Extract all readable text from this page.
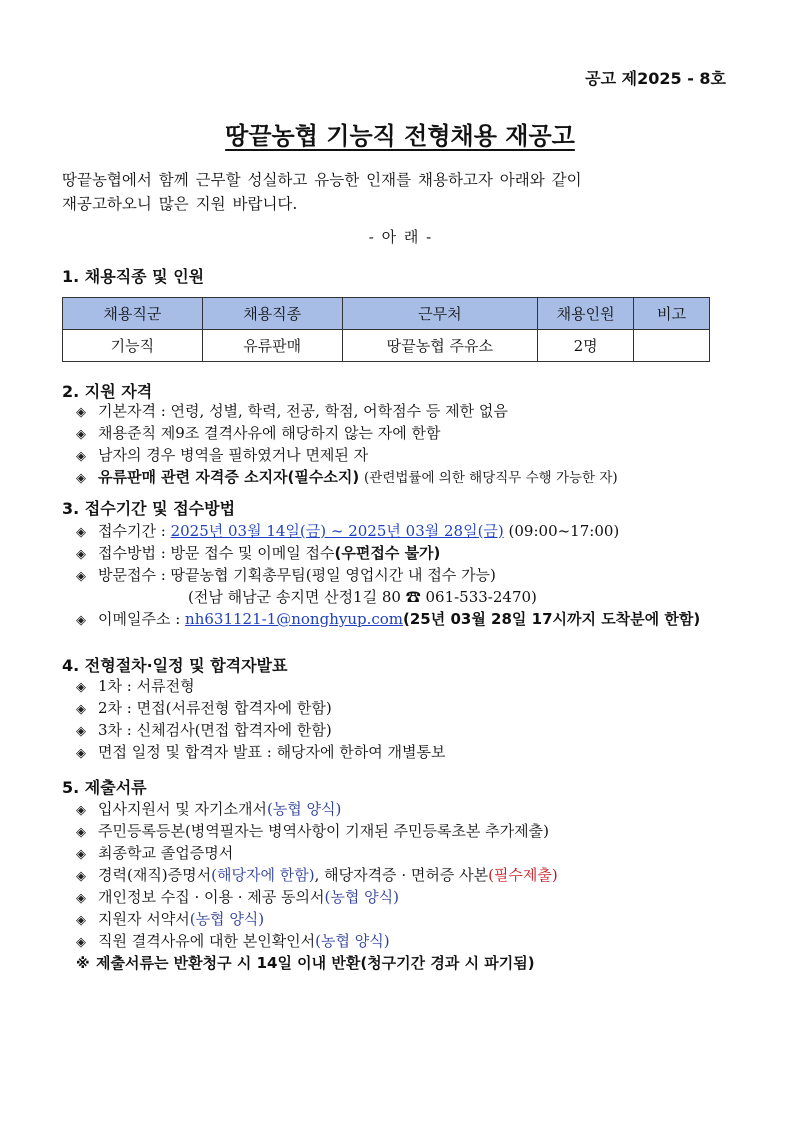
공고 제2025 - 8호
땅끝농협 기능직 전형채용 재공고
땅끝농협에서 함께 근무할 성실하고 유능한 인재를 채용하고자 아래와 같이
재공고하오니 많은 지원 바랍니다.
- 아 래 -
1. 채용직종 및 인원
채용직군	채용직종	근무처	채용인원	비고
기능직	유류판매	땅끝농협 주유소	2명	
2. 지원 자격
◈ 기본자격 : 연령, 성별, 학력, 전공, 학점, 어학점수 등 제한 없음
◈ 채용준칙 제9조 결격사유에 해당하지 않는 자에 한함
◈ 남자의 경우 병역을 필하였거나 면제된 자
◈ 유류판매 관련 자격증 소지자(필수소지) (관련법률에 의한 해당직무 수행 가능한 자)
3. 접수기간 및 접수방법
◈ 접수기간 : 2025년 03월 14일(금) ~ 2025년 03월 28일(금) (09:00~17:00)
◈ 접수방법 : 방문 접수 및 이메일 접수(우편접수 불가)
◈ 방문접수 : 땅끝농협 기획총무팀(평일 영업시간 내 접수 가능)
(전남 해남군 송지면 산정1길 80 ☎ 061-533-2470)
◈ 이메일주소 : nh631121-1@nonghyup.com(25년 03월 28일 17시까지 도착분에 한함)
4. 전형절차·일정 및 합격자발표
◈ 1차 : 서류전형
◈ 2차 : 면접(서류전형 합격자에 한함)
◈ 3차 : 신체검사(면접 합격자에 한함)
◈ 면접 일정 및 합격자 발표 : 해당자에 한하여 개별통보
5. 제출서류
◈ 입사지원서 및 자기소개서(농협 양식)
◈ 주민등록등본(병역필자는 병역사항이 기재된 주민등록초본 추가제출)
◈ 최종학교 졸업증명서
◈ 경력(재직)증명서(해당자에 한함), 해당자격증 · 면허증 사본(필수제출)
◈ 개인정보 수집 · 이용 · 제공 동의서(농협 양식)
◈ 지원자 서약서(농협 양식)
◈ 직원 결격사유에 대한 본인확인서(농협 양식)
※ 제출서류는 반환청구 시 14일 이내 반환(청구기간 경과 시 파기됨)
